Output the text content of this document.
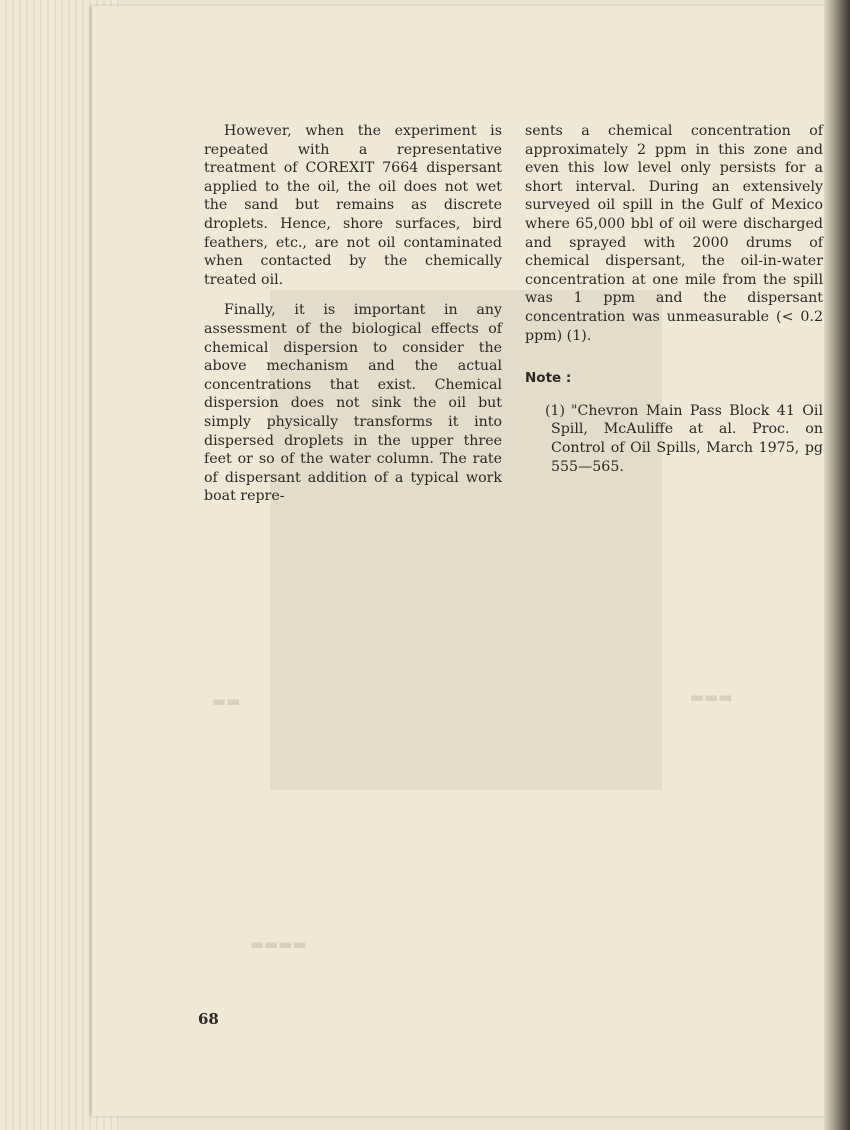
▬▬	▬▬▬
▬▬▬▬

However, when the experiment is repeated with a representative treatment of COREXIT 7664 dispersant applied to the oil, the oil does not wet the sand but remains as discrete droplets. Hence, shore surfaces, bird feathers, etc., are not oil contaminated when contacted by the chemically treated oil.

Finally, it is important in any assessment of the biological effects of chemical dispersion to consider the above mechanism and the actual concentrations that exist. Chemical dispersion does not sink the oil but simply physically transforms it into dispersed droplets in the upper three feet or so of the water column. The rate of dispersant addition of a typical work boat repre-

sents a chemical concentration of approximately 2 ppm in this zone and even this low level only persists for a short interval. During an extensively surveyed oil spill in the Gulf of Mexico where 65,000 bbl of oil were discharged and sprayed with 2000 drums of chemical dispersant, the oil-in-water concentration at one mile from the spill was 1 ppm and the dispersant concentration was unmeasurable (< 0.2 ppm) (1).

Note :

(1) "Chevron Main Pass Block 41 Oil Spill, McAuliffe at al. Proc. on Control of Oil Spills, March 1975, pg 555—565.

68
